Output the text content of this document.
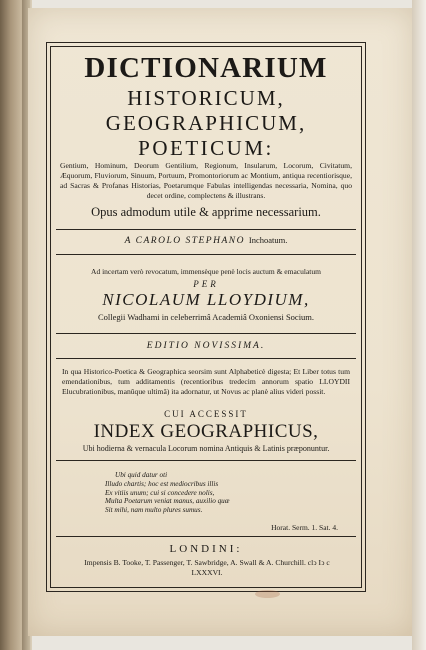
DICTIONARIUM

HISTORICUM,

GEOGRAPHICUM,

POETICUM:

Gentium, Hominum, Deorum Gentilium, Regionum, Insularum, Locorum, Civitatum, Æquorum, Fluviorum, Sinuum, Portuum, Promontoriorum ac Montium, antiqua recentiorisque, ad Sacras & Profanas Historias, Poetarumque Fabulas intelligendas necessaria, Nomina, quo decet ordine, complectens & illustrans.

Opus admodum utile & apprime necessarium.

A CAROLO STEPHANO Inchoatum.

Ad incertam verò revocatum, immensèque penè locis auctum & emaculatum

PER

NICOLAUM LLOYDIUM,

Collegii Wadhami in celeberrimâ Academiâ Oxoniensi Socium.

EDITIO NOVISSIMA.

In qua Historico-Poetica & Geographica seorsim sunt Alphabeticè digesta; Et Liber totus tum emendationibus, tum additamentis (recentioribus tredecim annorum spatio LLOYDII Elucubrationibus, manûque ultimâ) ita adornatur, ut Novus ac planè alius videri possit.

CUI ACCESSIT

INDEX GEOGRAPHICUS,

Ubi hodierna & vernacula Locorum nomina Antiquis & Latinis præponuntur.

Ubi quid datur oti
Illudo chartis; hoc est mediocribus illis
Ex vitiis unum; cui si concedere nolis,
Multa Poetarum veniat manus, auxilio quæ
Sit mihi, nam multo plures sumus.

Horat. Serm. 1. Sat. 4.

LONDINI:

Impensis B. Tooke, T. Passenger, T. Sawbridge, A. Swall & A. Churchill. clↄ Iↄ c LXXXVI.
